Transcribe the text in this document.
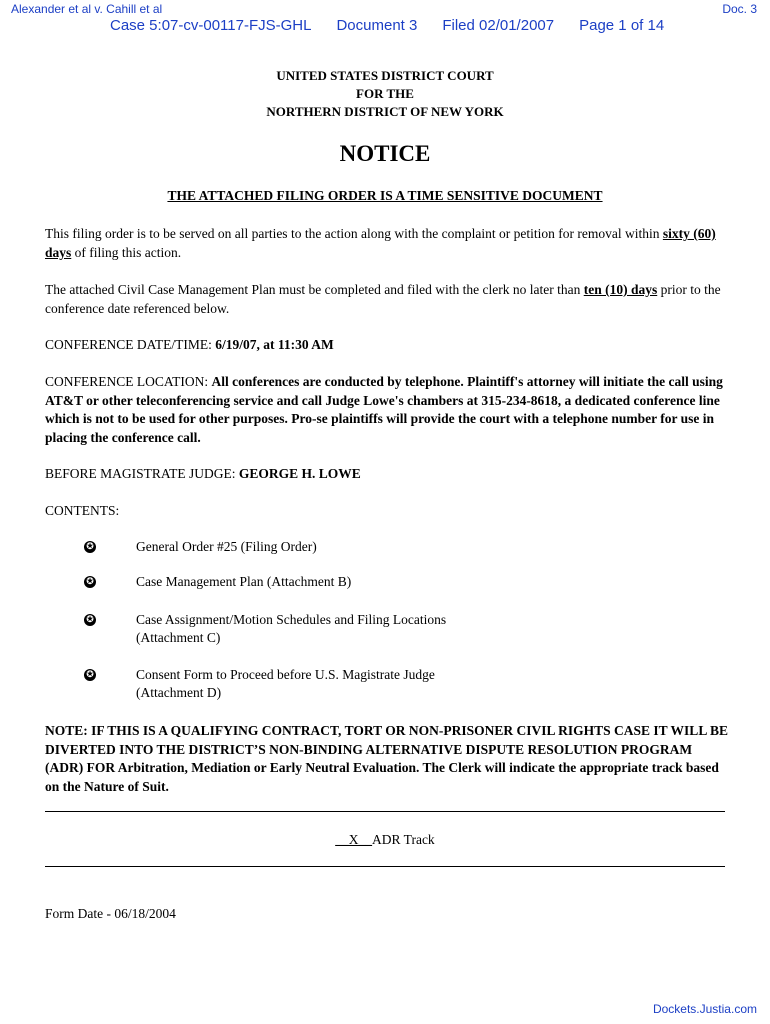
Alexander et al v. Cahill et al	Doc. 3
Case 5:07-cv-00117-FJS-GHL Document 3 Filed 02/01/2007 Page 1 of 14
UNITED STATES DISTRICT COURT
FOR THE
NORTHERN DISTRICT OF NEW YORK
NOTICE
THE ATTACHED FILING ORDER IS A TIME SENSITIVE DOCUMENT
This filing order is to be served on all parties to the action along with the complaint or petition for removal within sixty (60) days of filing this action.
The attached Civil Case Management Plan must be completed and filed with the clerk no later than ten (10) days prior to the conference date referenced below.
CONFERENCE DATE/TIME: 6/19/07, at 11:30 AM
CONFERENCE LOCATION: All conferences are conducted by telephone. Plaintiff's attorney will initiate the call using AT&T or other teleconferencing service and call Judge Lowe's chambers at 315-234-8618, a dedicated conference line which is not to be used for other purposes. Pro-se plaintiffs will provide the court with a telephone number for use in placing the conference call.
BEFORE MAGISTRATE JUDGE: GEORGE H. LOWE
CONTENTS:
✪	General Order #25 (Filing Order)
✪	Case Management Plan (Attachment B)
✪	Case Assignment/Motion Schedules and Filing Locations
(Attachment C)
✪	Consent Form to Proceed before U.S. Magistrate Judge
(Attachment D)
NOTE: IF THIS IS A QUALIFYING CONTRACT, TORT OR NON-PRISONER CIVIL RIGHTS CASE IT WILL BE DIVERTED INTO THE DISTRICT’S NON-BINDING ALTERNATIVE DISPUTE RESOLUTION PROGRAM (ADR) FOR Arbitration, Mediation or Early Neutral Evaluation. The Clerk will indicate the appropriate track based on the Nature of Suit.
__X__ADR Track
Form Date - 06/18/2004
Dockets.Justia.com
